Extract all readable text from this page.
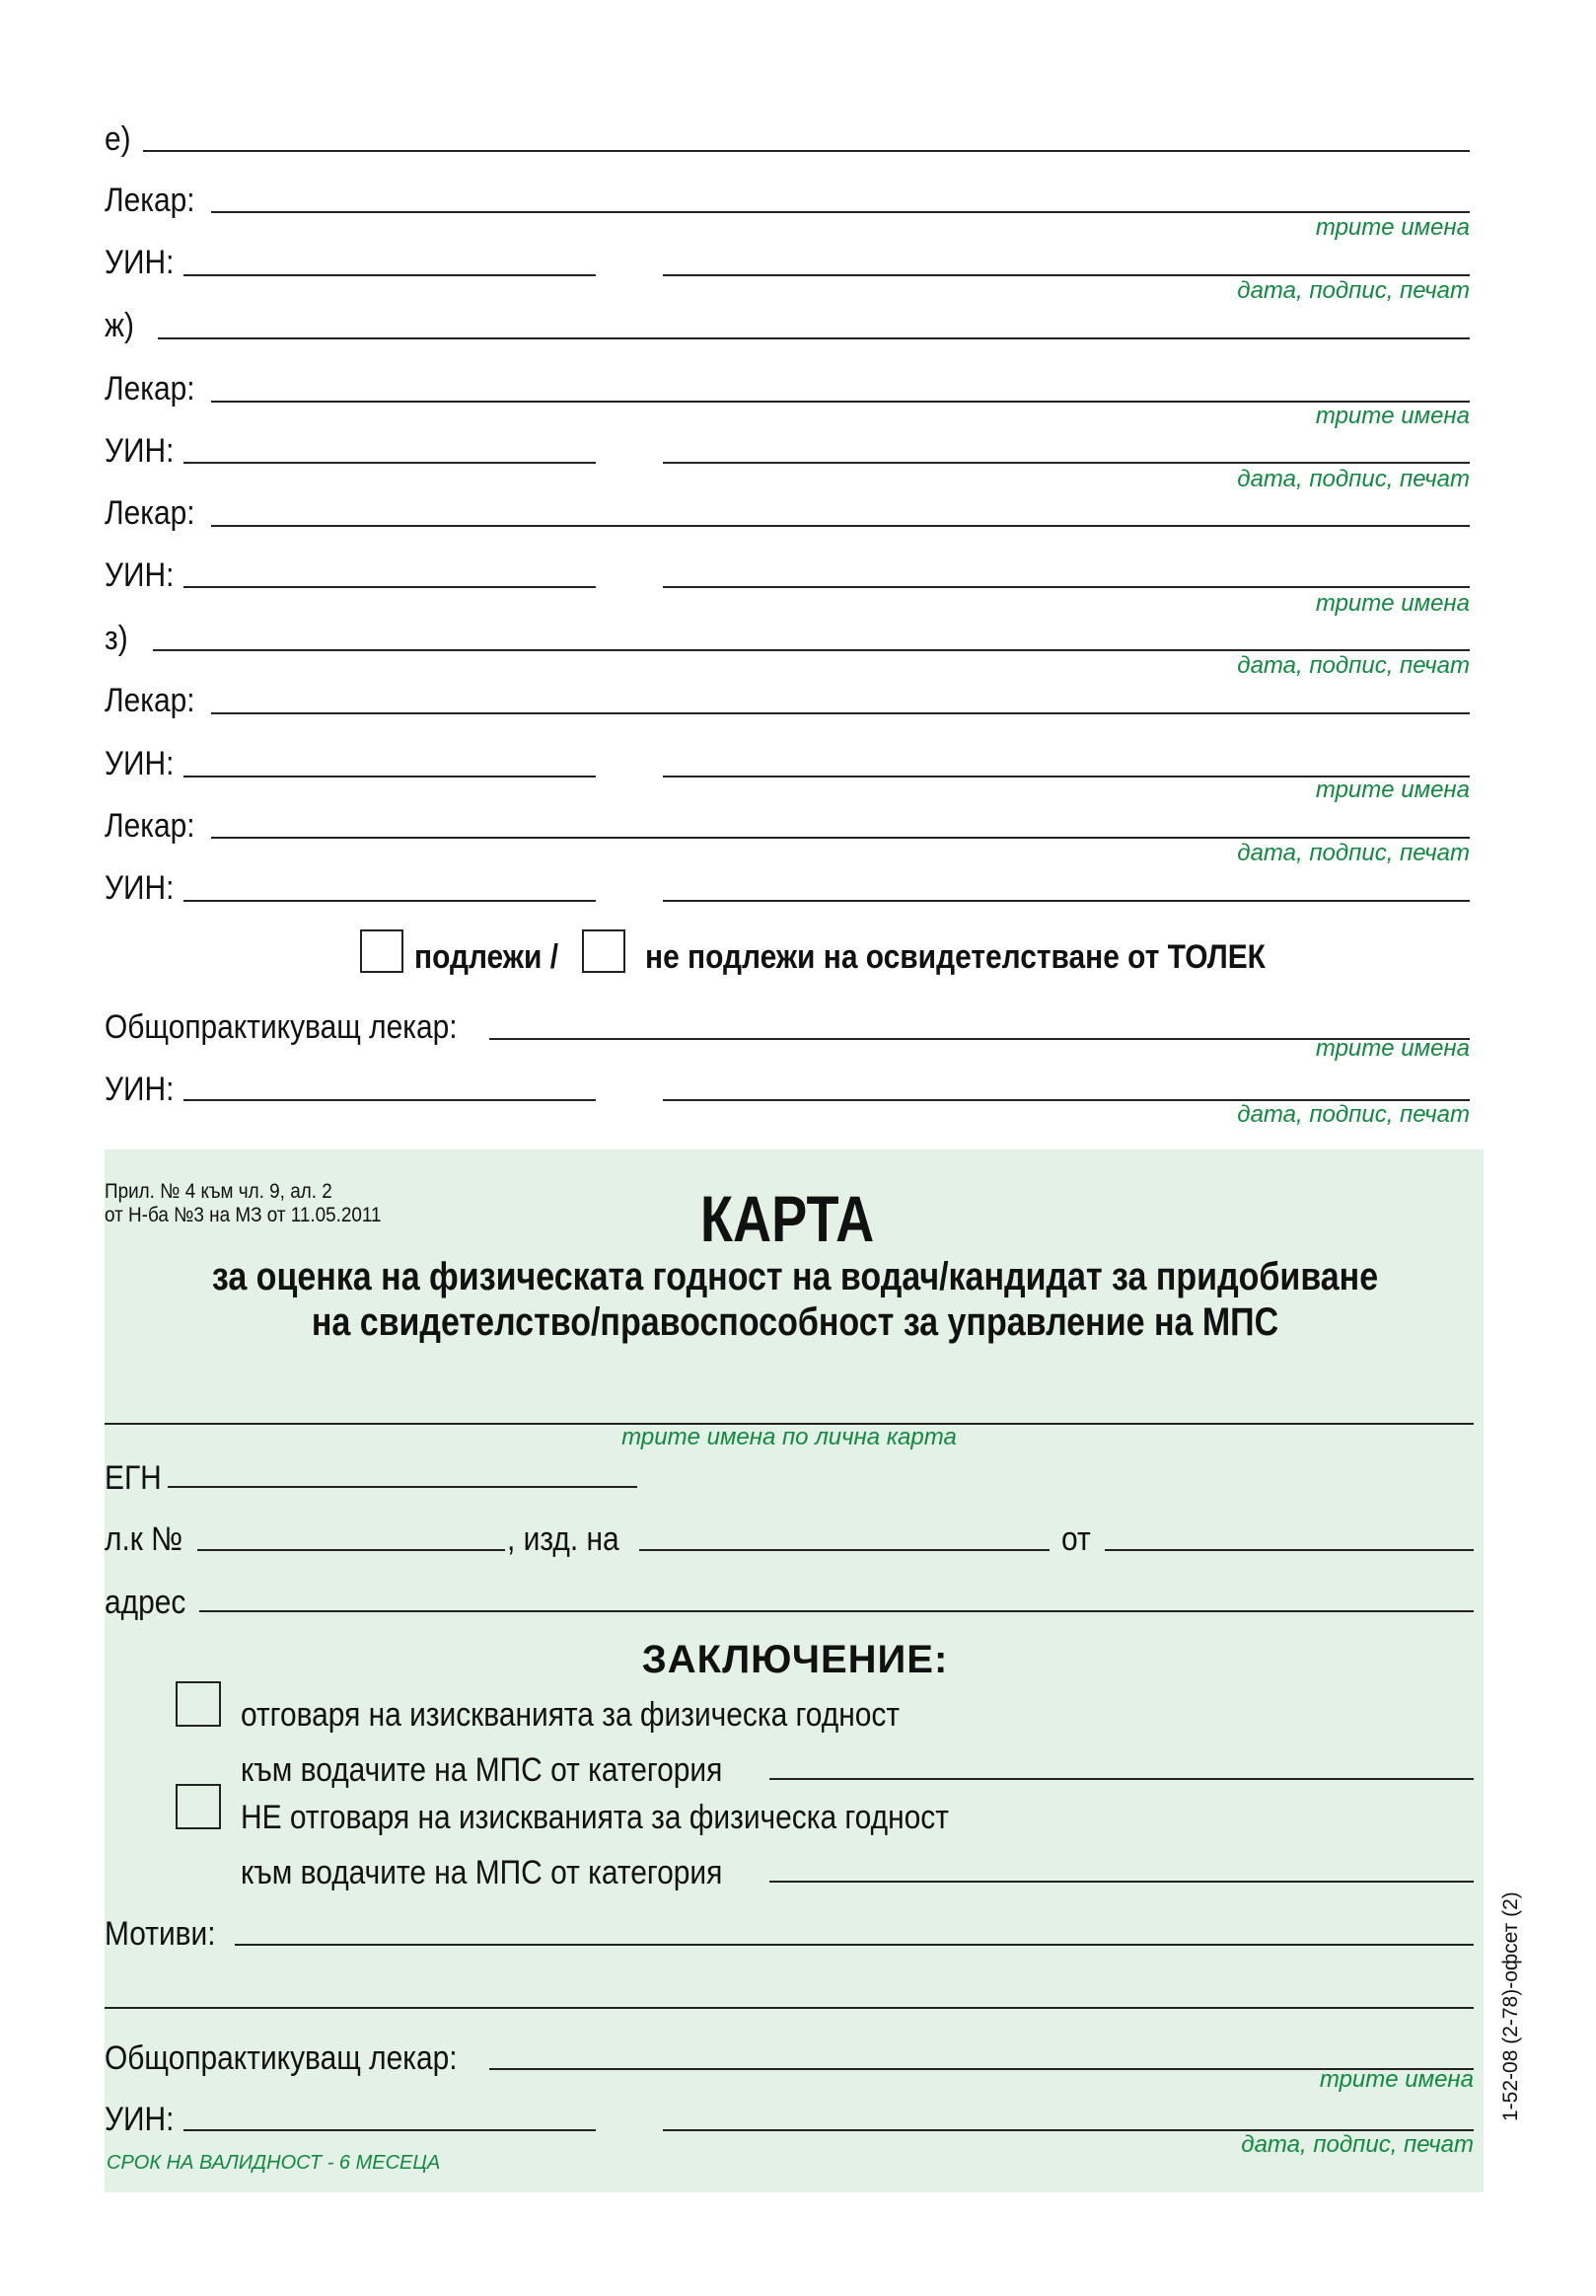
е)
Лекар:
трите имена
УИН:
дата, подпис, печат
ж)
Лекар:
трите имена
УИН:
дата, подпис, печат
Лекар:
УИН:
трите имена
з)
дата, подпис, печат
Лекар:
УИН:
трите имена
Лекар:
дата, подпис, печат
УИН:
подлежи /	не подлежи на освидетелстване от ТОЛЕК
Общопрактикуващ лекар:
трите имена
УИН:
дата, подпис, печат
Прил. № 4 към чл. 9, ал. 2
от Н-ба №3 на МЗ от 11.05.2011	КАРТА
за оценка на физическата годност на водач/кандидат за придобиване
на свидетелство/правоспособност за управление на МПС
трите имена по лична карта
ЕГН
л.к №	, изд. на	от
адрес
ЗАКЛЮЧЕНИЕ:
отговаря на изискванията за физическа годност
към водачите на МПС от категория
НЕ отговаря на изискванията за физическа годност
към водачите на МПС от категория
Мотиви:
Общопрактикуващ лекар:
трите имена
УИН:
дата, подпис, печат
СРОК НА ВАЛИДНОСТ - 6 МЕСЕЦА
1-52-08 (2-78)-офсет (2)
